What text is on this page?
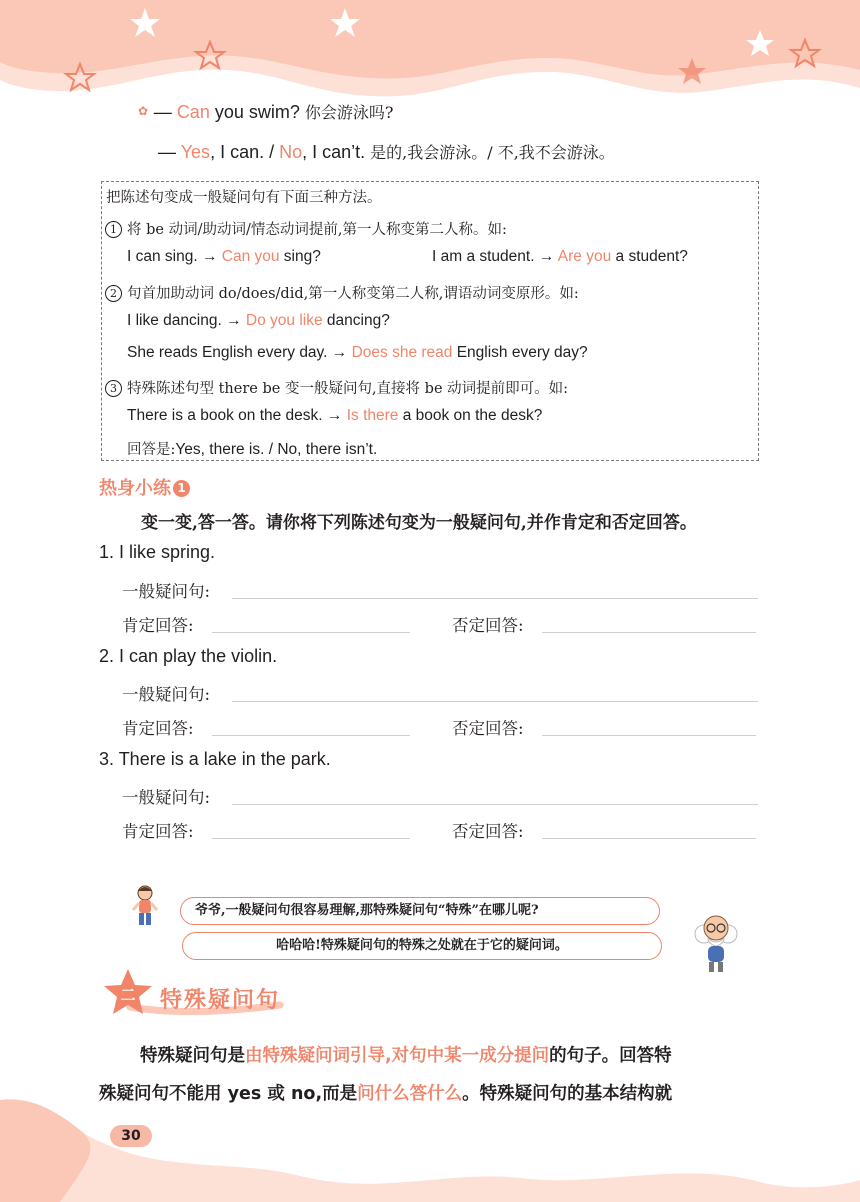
✿ — Can you swim? 你会游泳吗?
— Yes, I can. / No, I can’t. 是的,我会游泳。/ 不,我不会游泳。
把陈述句变成一般疑问句有下面三种方法。
1 将 be 动词/助动词/情态动词提前,第一人称变第二人称。如:
I can sing. → Can you sing?	I am a student. → Are you a student?
2 句首加助动词 do/does/did,第一人称变第二人称,谓语动词变原形。如:
I like dancing. → Do you like dancing?
She reads English every day. → Does she read English every day?
3 特殊陈述句型 there be 变一般疑问句,直接将 be 动词提前即可。如:
There is a book on the desk. → Is there a book on the desk?
回答是:Yes, there is. / No, there isn’t.
热身小练 1
变一变,答一答。请你将下列陈述句变为一般疑问句,并作肯定和否定回答。
1. I like spring.
一般疑问句:
肯定回答:	否定回答:
2. I can play the violin.
一般疑问句:
肯定回答:	否定回答:
3. There is a lake in the park.
一般疑问句:
肯定回答:	否定回答:
爷爷,一般疑问句很容易理解,那特殊疑问句“特殊”在哪儿呢?
哈哈哈!特殊疑问句的特殊之处就在于它的疑问词。
二 特殊疑问句
特殊疑问句是由特殊疑问词引导,对句中某一成分提问的句子。回答特
殊疑问句不能用 yes 或 no,而是问什么答什么。特殊疑问句的基本结构就
30
